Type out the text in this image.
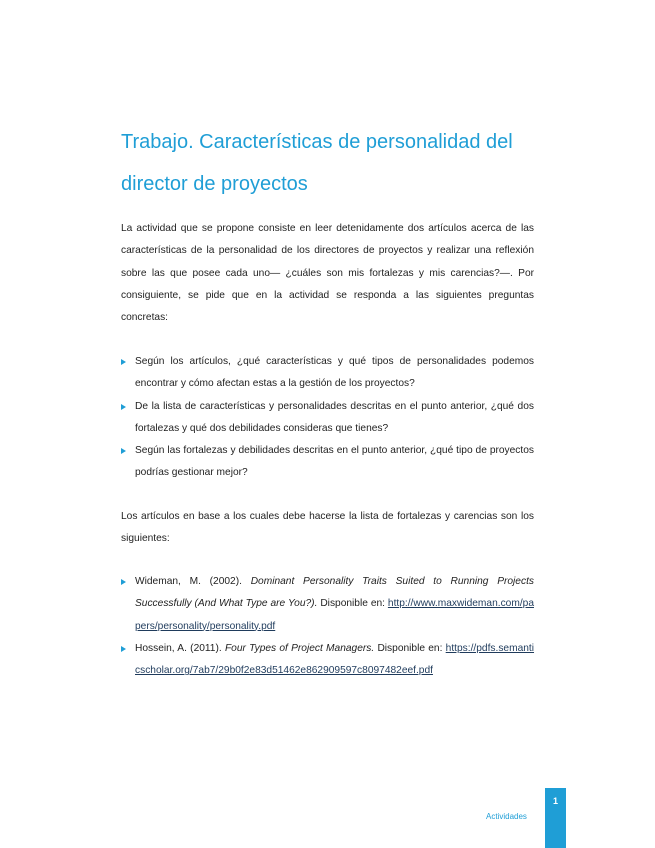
Trabajo. Características de personalidad del director de proyectos

La actividad que se propone consiste en leer detenidamente dos artículos acerca de las características de la personalidad de los directores de proyectos y realizar una reflexión sobre las que posee cada uno— ¿cuáles son mis fortalezas y mis carencias?—. Por consiguiente, se pide que en la actividad se responda a las siguientes preguntas concretas:

Según los artículos, ¿qué características y qué tipos de personalidades podemos encontrar y cómo afectan estas a la gestión de los proyectos?
De la lista de características y personalidades descritas en el punto anterior, ¿qué dos fortalezas y qué dos debilidades consideras que tienes?
Según las fortalezas y debilidades descritas en el punto anterior, ¿qué tipo de proyectos podrías gestionar mejor?

Los artículos en base a los cuales debe hacerse la lista de fortalezas y carencias son los siguientes:

Wideman, M. (2002). Dominant Personality Traits Suited to Running Projects Successfully (And What Type are You?). Disponible en: http://www.maxwideman.com/papers/personality/personality.pdf
Hossein, A. (2011). Four Types of Project Managers. Disponible en: https://pdfs.semanticscholar.org/7ab7/29b0f2e83d51462e862909597c8097482eef.pdf
Actividades
1
